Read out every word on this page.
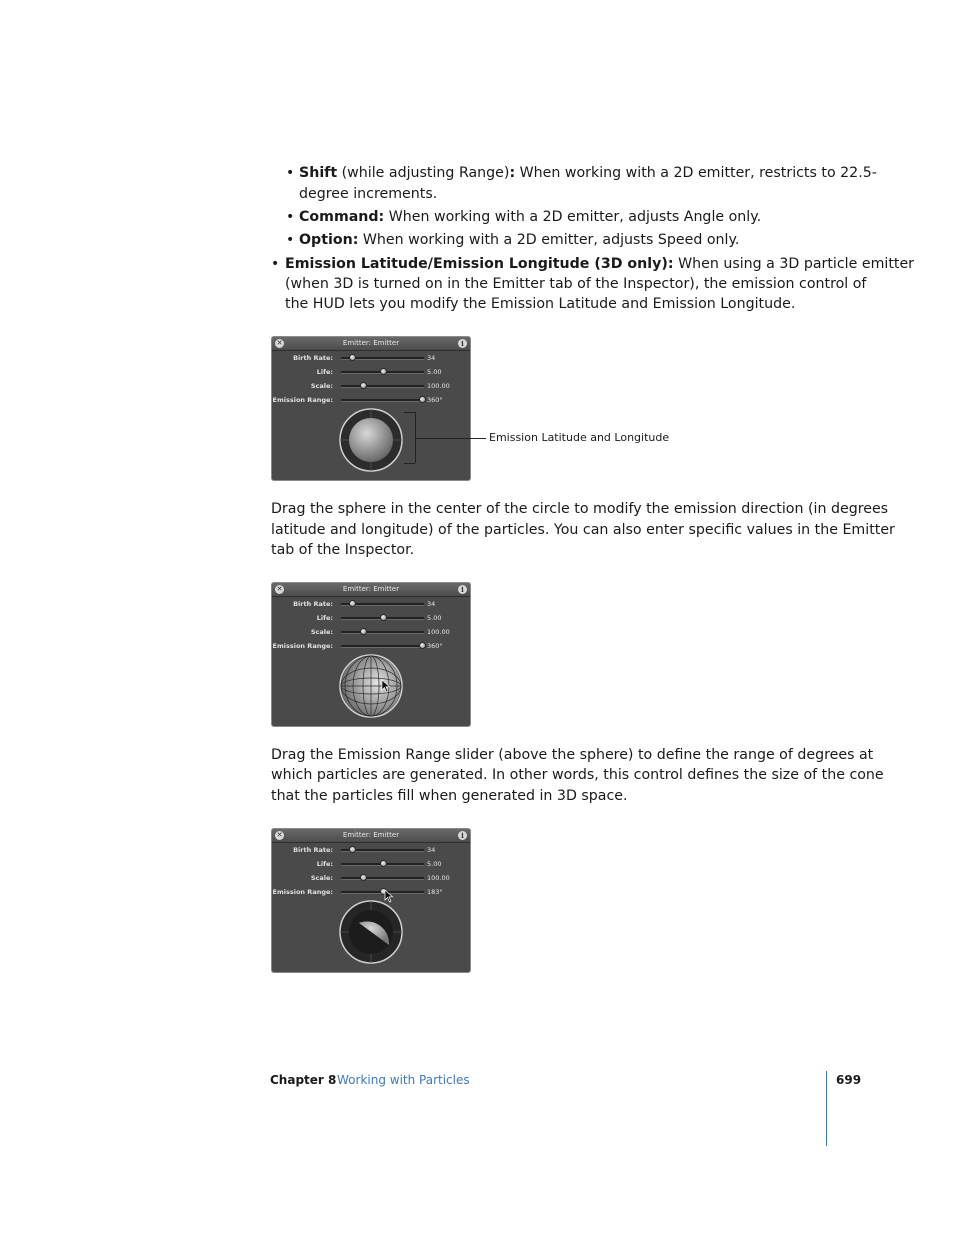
• Shift (while adjusting Range): When working with a 2D emitter, restricts to 22.5-
degree increments.
• Command: When working with a 2D emitter, adjusts Angle only.
• Option: When working with a 2D emitter, adjusts Speed only.
• Emission Latitude/Emission Longitude (3D only): When using a 3D particle emitter
(when 3D is turned on in the Emitter tab of the Inspector), the emission control of
the HUD lets you modify the Emission Latitude and Emission Longitude.
✕	Emitter: Emitter	i
Birth Rate:	34
Life:	5.00
Scale:	100.00
Emission Range:	360°
Emission Latitude and Longitude
Drag the sphere in the center of the circle to modify the emission direction (in degrees
latitude and longitude) of the particles. You can also enter specific values in the Emitter
tab of the Inspector.
✕	Emitter: Emitter	i
Birth Rate:	34
Life:	5.00
Scale:	100.00
Emission Range:	360°
Drag the Emission Range slider (above the sphere) to define the range of degrees at
which particles are generated. In other words, this control defines the size of the cone
that the particles fill when generated in 3D space.
✕	Emitter: Emitter	i
Birth Rate:	34
Life:	5.00
Scale:	100.00
Emission Range:	183°
Chapter 8 Working with Particles	699
